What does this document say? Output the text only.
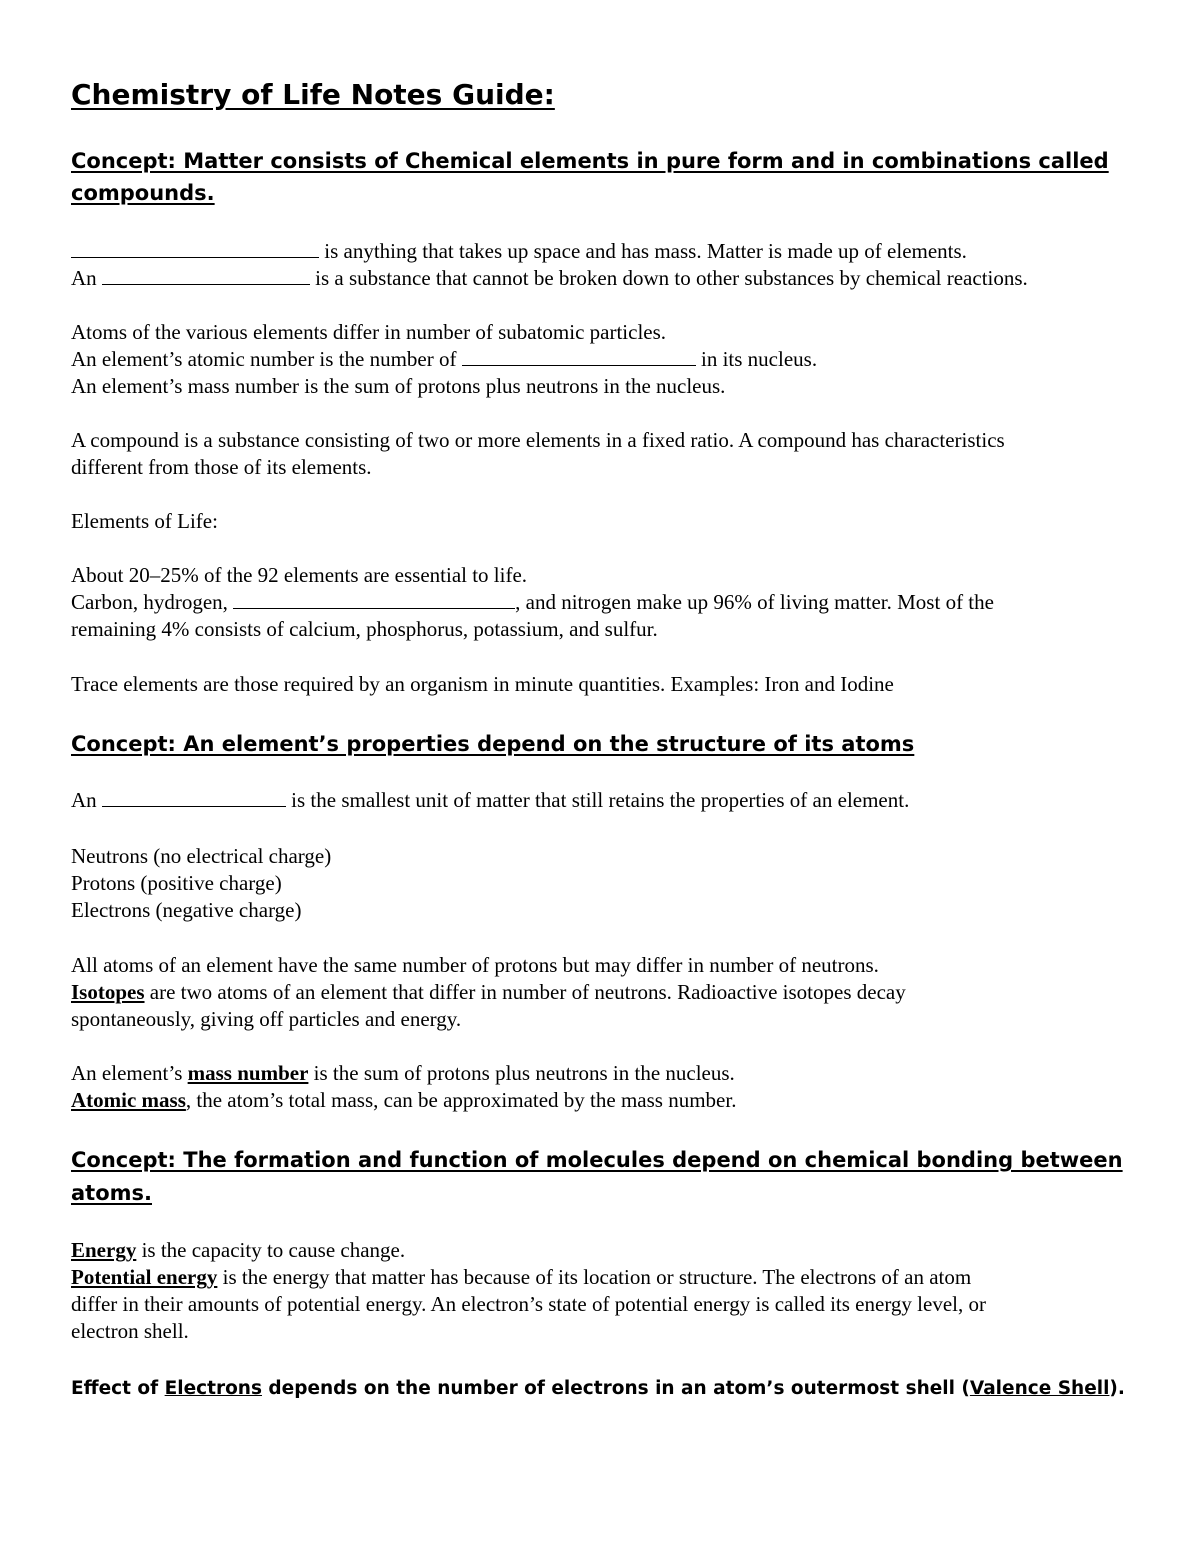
Chemistry of Life Notes Guide:
Concept: Matter consists of Chemical elements in pure form and in combinations called
compounds.
is anything that takes up space and has mass. Matter is made up of elements.
An	is a substance that cannot be broken down to other substances by chemical reactions.
Atoms of the various elements differ in number of subatomic particles.
An element’s atomic number is the number of	in its nucleus.
An element’s mass number is the sum of protons plus neutrons in the nucleus.
A compound is a substance consisting of two or more elements in a fixed ratio. A compound has characteristics
different from those of its elements.
Elements of Life:
About 20–25% of the 92 elements are essential to life.
Carbon, hydrogen,	, and nitrogen make up 96% of living matter. Most of the
remaining 4% consists of calcium, phosphorus, potassium, and sulfur.
Trace elements are those required by an organism in minute quantities. Examples: Iron and Iodine
Concept: An element’s properties depend on the structure of its atoms
An	is the smallest unit of matter that still retains the properties of an element.
Neutrons (no electrical charge)
Protons (positive charge)
Electrons (negative charge)
All atoms of an element have the same number of protons but may differ in number of neutrons.
Isotopes are two atoms of an element that differ in number of neutrons. Radioactive isotopes decay
spontaneously, giving off particles and energy.
An element’s mass number is the sum of protons plus neutrons in the nucleus.
Atomic mass, the atom’s total mass, can be approximated by the mass number.
Concept: The formation and function of molecules depend on chemical bonding between
atoms.
Energy is the capacity to cause change.
Potential energy is the energy that matter has because of its location or structure. The electrons of an atom
differ in their amounts of potential energy. An electron’s state of potential energy is called its energy level, or
electron shell.
Effect of Electrons depends on the number of electrons in an atom’s outermost shell (Valence Shell).
